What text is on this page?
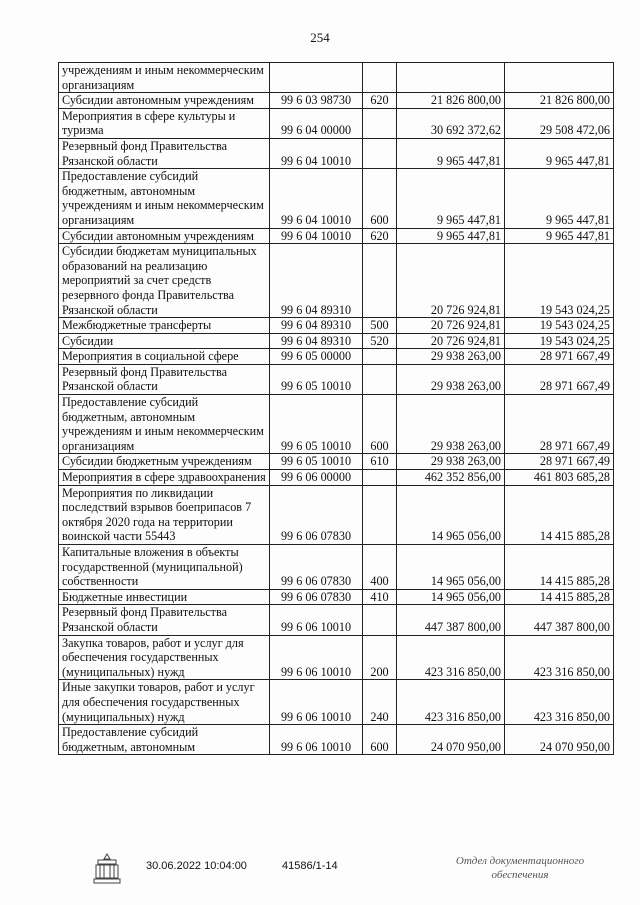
254
учреждениям и иным некоммерческим организациям				
Субсидии автономным учреждениям	99 6 03 98730	620	21 826 800,00	21 826 800,00
Мероприятия в сфере культуры и туризма	99 6 04 00000		30 692 372,62	29 508 472,06
Резервный фонд Правительства Рязанской области	99 6 04 10010		9 965 447,81	9 965 447,81
Предоставление субсидий бюджетным, автономным учреждениям и иным некоммерческим организациям	99 6 04 10010	600	9 965 447,81	9 965 447,81
Субсидии автономным учреждениям	99 6 04 10010	620	9 965 447,81	9 965 447,81
Субсидии бюджетам муниципальных образований на реализацию мероприятий за счет средств резервного фонда Правительства Рязанской области	99 6 04 89310		20 726 924,81	19 543 024,25
Межбюджетные трансферты	99 6 04 89310	500	20 726 924,81	19 543 024,25
Субсидии	99 6 04 89310	520	20 726 924,81	19 543 024,25
Мероприятия в социальной сфере	99 6 05 00000		29 938 263,00	28 971 667,49
Резервный фонд Правительства Рязанской области	99 6 05 10010		29 938 263,00	28 971 667,49
Предоставление субсидий бюджетным, автономным учреждениям и иным некоммерческим организациям	99 6 05 10010	600	29 938 263,00	28 971 667,49
Субсидии бюджетным учреждениям	99 6 05 10010	610	29 938 263,00	28 971 667,49
Мероприятия в сфере здравоохранения	99 6 06 00000		462 352 856,00	461 803 685,28
Мероприятия по ликвидации последствий взрывов боеприпасов 7 октября 2020 года на территории воинской части 55443	99 6 06 07830		14 965 056,00	14 415 885,28
Капитальные вложения в объекты государственной (муниципальной) собственности	99 6 06 07830	400	14 965 056,00	14 415 885,28
Бюджетные инвестиции	99 6 06 07830	410	14 965 056,00	14 415 885,28
Резервный фонд Правительства Рязанской области	99 6 06 10010		447 387 800,00	447 387 800,00
Закупка товаров, работ и услуг для обеспечения государственных (муниципальных) нужд	99 6 06 10010	200	423 316 850,00	423 316 850,00
Иные закупки товаров, работ и услуг для обеспечения государственных (муниципальных) нужд	99 6 06 10010	240	423 316 850,00	423 316 850,00
Предоставление субсидий бюджетным, автономным	99 6 06 10010	600	24 070 950,00	24 070 950,00
30.06.2022 10:04:00	41586/1-14	Отдел документационного обеспечения
